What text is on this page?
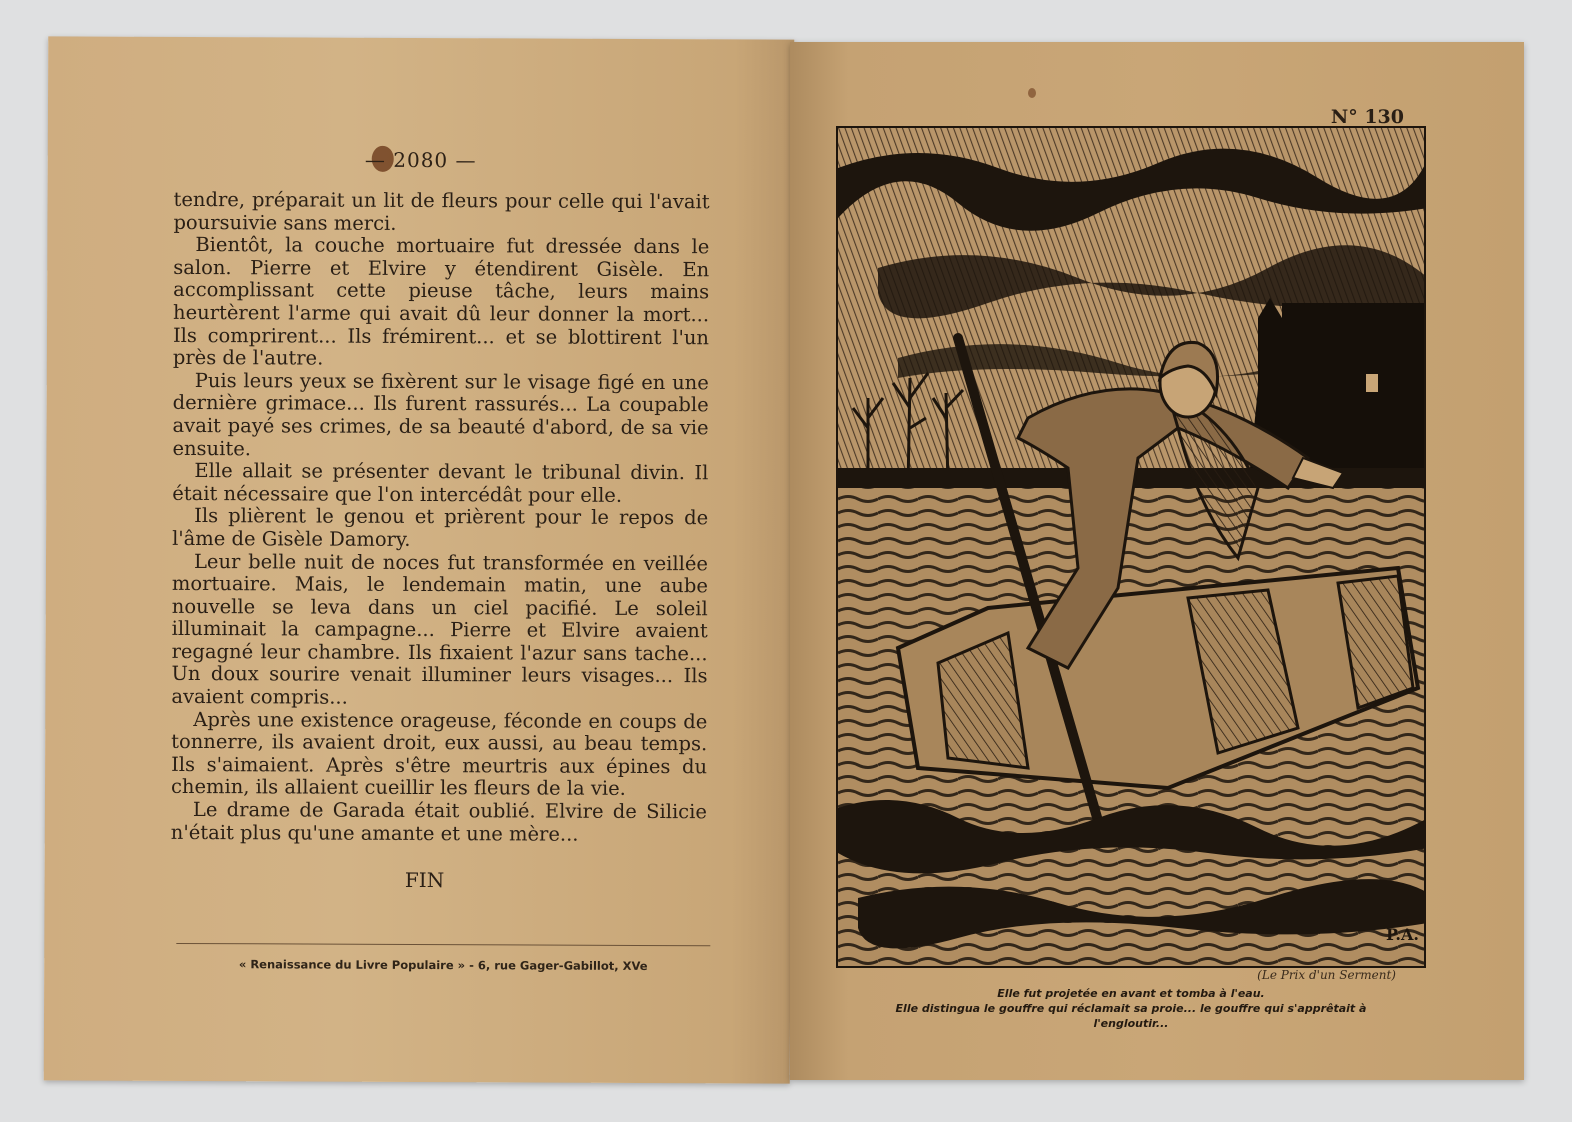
— 2080 —

tendre, préparait un lit de fleurs pour celle qui l'avait poursuivie sans merci.

Bientôt, la couche mortuaire fut dressée dans le salon. Pierre et Elvire y étendirent Gisèle. En accomplissant cette pieuse tâche, leurs mains heurtèrent l'arme qui avait dû leur donner la mort... Ils comprirent... Ils frémirent... et se blottirent l'un près de l'autre.

Puis leurs yeux se fixèrent sur le visage figé en une dernière grimace... Ils furent rassurés... La coupable avait payé ses crimes, de sa beauté d'abord, de sa vie ensuite.

Elle allait se présenter devant le tribunal divin. Il était nécessaire que l'on intercédât pour elle.

Ils plièrent le genou et prièrent pour le repos de l'âme de Gisèle Damory.

Leur belle nuit de noces fut transformée en veillée mortuaire. Mais, le lendemain matin, une aube nouvelle se leva dans un ciel pacifié. Le soleil illuminait la campagne... Pierre et Elvire avaient regagné leur chambre. Ils fixaient l'azur sans tache... Un doux sourire venait illuminer leurs visages... Ils avaient compris...

Après une existence orageuse, féconde en coups de tonnerre, ils avaient droit, eux aussi, au beau temps. Ils s'aimaient. Après s'être meurtris aux épines du chemin, ils allaient cueillir les fleurs de la vie.

Le drame de Garada était oublié. Elvire de Silicie n'était plus qu'une amante et une mère...

FIN
« Renaissance du Livre Populaire » - 6, rue Gager-Gabillot, XVe
N° 130
P.A.
(Le Prix d'un Serment)
Elle fut projetée en avant et tomba à l'eau.
Elle distingua le gouffre qui réclamait sa proie... le gouffre qui s'apprêtait à
l'engloutir...
